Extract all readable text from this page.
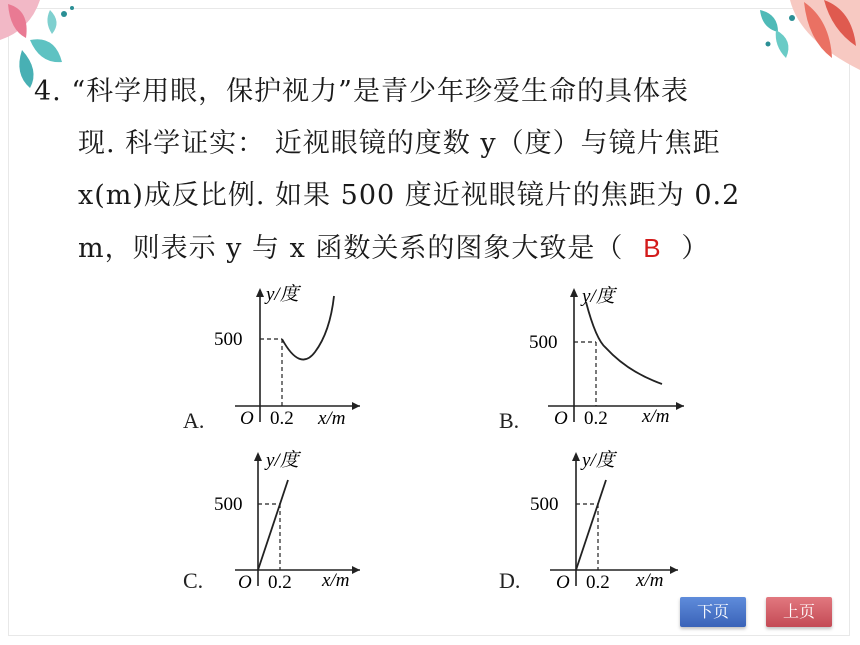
4. “科学用眼，保护视力”是青少年珍爱生命的具体表
现. 科学证实： 近视眼镜的度数 y（度）与镜片焦距
x(m)成反比例. 如果 500 度近视眼镜片的焦距为 0.2
m，则表示 y 与 x 函数关系的图象大致是（ B ）
y/度
500
O 0.2 x/m
A.
y/度
500
O 0.2 x/m
B.
y/度
500
O 0.2 x/m
C.
y/度
500
O 0.2 x/m
D.
下页	上页
